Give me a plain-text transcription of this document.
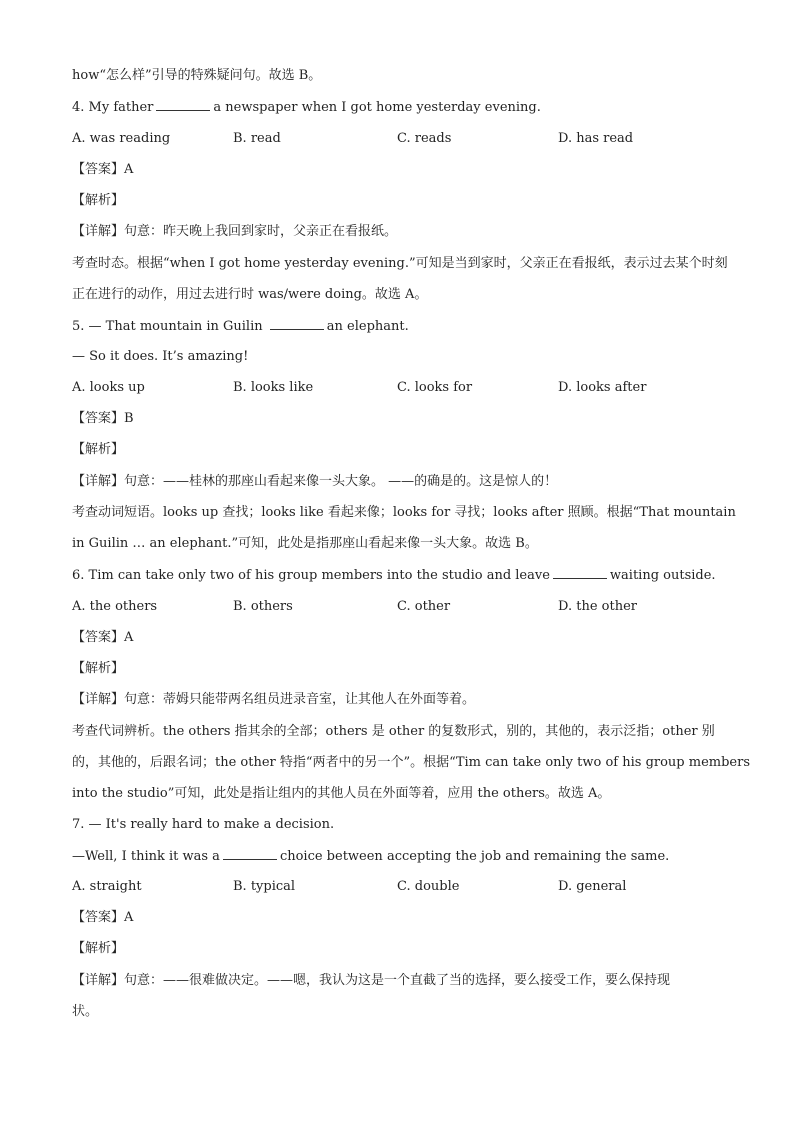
how“怎么样”引导的特殊疑问句。故选 B。
4. My father	a newspaper when I got home yesterday evening.
A. was reading	B. read	C. reads	D. has read
【答案】A
【解析】
【详解】句意：昨天晚上我回到家时，父亲正在看报纸。
考查时态。根据“when I got home yesterday evening.”可知是当到家时，父亲正在看报纸，表示过去某个时刻
正在进行的动作，用过去进行时 was/were doing。故选 A。
5. — That mountain in Guilin	an elephant.
— So it does. It’s amazing!
A. looks up	B. looks like	C. looks for	D. looks after
【答案】B
【解析】
【详解】句意：——桂林的那座山看起来像一头大象。 ——的确是的。这是惊人的！
考查动词短语。looks up 查找；looks like 看起来像；looks for 寻找；looks after 照顾。根据“That mountain
in Guilin … an elephant.”可知，此处是指那座山看起来像一头大象。故选 B。
6. Tim can take only two of his group members into the studio and leave	waiting outside.
A. the others	B. others	C. other	D. the other
【答案】A
【解析】
【详解】句意：蒂姆只能带两名组员进录音室，让其他人在外面等着。
考查代词辨析。the others 指其余的全部；others 是 other 的复数形式，别的，其他的，表示泛指；other 别
的，其他的，后跟名词；the other 特指“两者中的另一个”。根据“Tim can take only two of his group members
into the studio”可知，此处是指让组内的其他人员在外面等着，应用 the others。故选 A。
7. — It's really hard to make a decision.
—Well, I think it was a	choice between accepting the job and remaining the same.
A. straight	B. typical	C. double	D. general
【答案】A
【解析】
【详解】句意：——很难做决定。——嗯，我认为这是一个直截了当的选择，要么接受工作，要么保持现
状。
